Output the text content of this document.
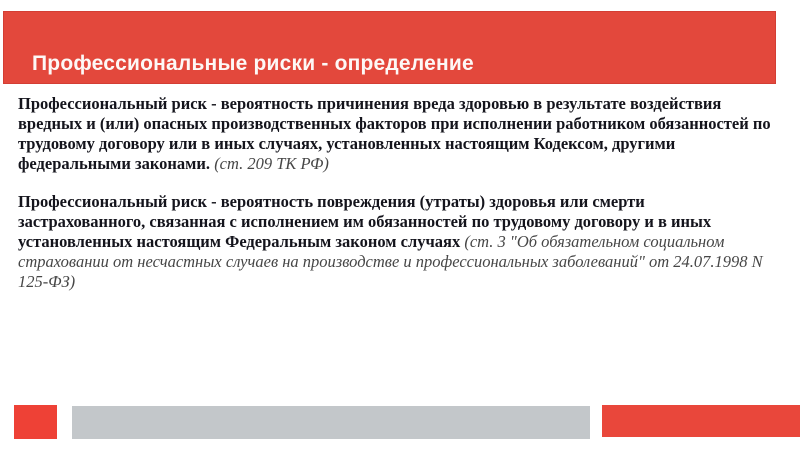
Профессиональные риски - определение

Профессиональный риск - вероятность причинения вреда здоровью в результате воздействия вредных и (или) опасных производственных факторов при исполнении работником обязанностей по трудовому договору или в иных случаях, установленных настоящим Кодексом, другими федеральными законами. (ст. 209 ТК РФ)

Профессиональный риск - вероятность повреждения (утраты) здоровья или смерти застрахованного, связанная с исполнением им обязанностей по трудовому договору и в иных установленных настоящим Федеральным законом случаях (ст. 3 "Об обязательном социальном страховании от несчастных случаев на производстве и профессиональных заболеваний" от 24.07.1998 N 125-ФЗ)
